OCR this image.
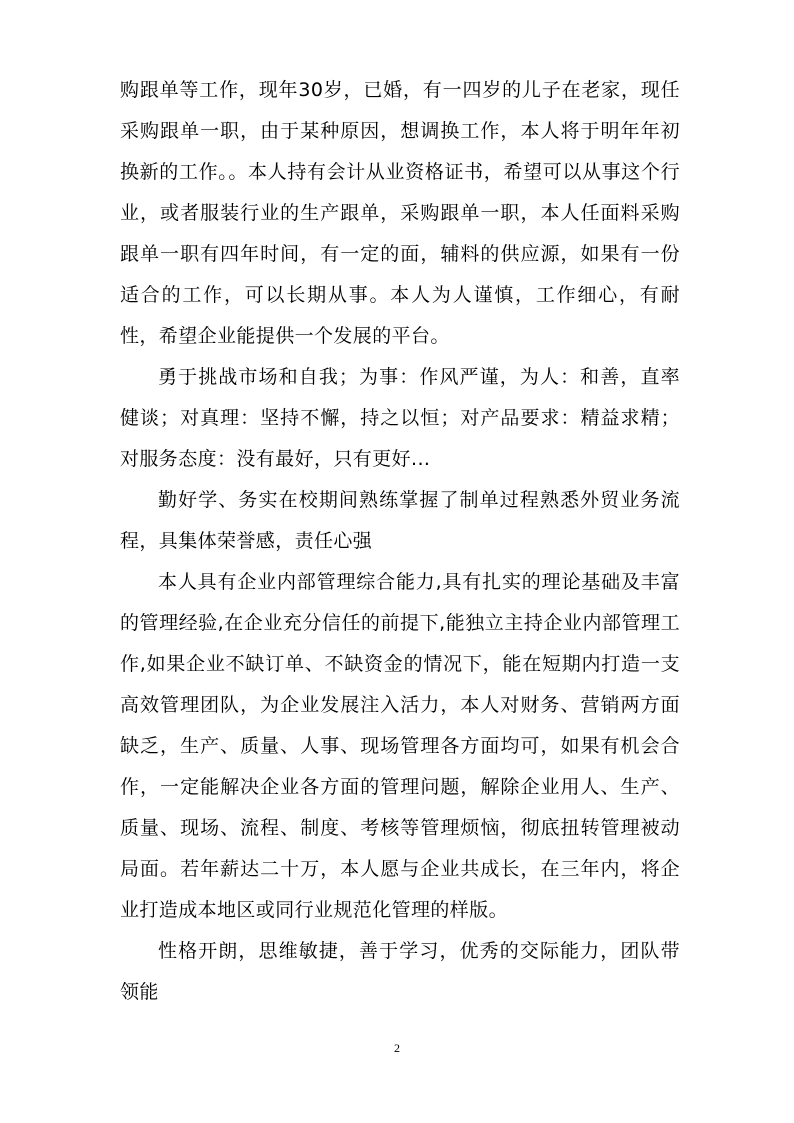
购跟单等工作，现年30岁，已婚，有一四岁的儿子在老家，现任采购跟单一职，由于某种原因，想调换工作，本人将于明年年初换新的工作。。本人持有会计从业资格证书，希望可以从事这个行业，或者服装行业的生产跟单，采购跟单一职，本人任面料采购跟单一职有四年时间，有一定的面，辅料的供应源，如果有一份适合的工作，可以长期从事。本人为人谨慎，工作细心，有耐性，希望企业能提供一个发展的平台。

勇于挑战市场和自我；为事：作风严谨，为人：和善，直率健谈；对真理：坚持不懈，持之以恒；对产品要求：精益求精；对服务态度：没有最好，只有更好...

勤好学、务实在校期间熟练掌握了制单过程熟悉外贸业务流程，具集体荣誉感，责任心强

本人具有企业内部管理综合能力,具有扎实的理论基础及丰富的管理经验,在企业充分信任的前提下,能独立主持企业内部管理工作,如果企业不缺订单、不缺资金的情况下，能在短期内打造一支高效管理团队，为企业发展注入活力，本人对财务、营销两方面缺乏，生产、质量、人事、现场管理各方面均可，如果有机会合作，一定能解决企业各方面的管理问题，解除企业用人、生产、质量、现场、流程、制度、考核等管理烦恼，彻底扭转管理被动局面。若年薪达二十万，本人愿与企业共成长，在三年内，将企业打造成本地区或同行业规范化管理的样版。

性格开朗，思维敏捷，善于学习，优秀的交际能力，团队带领能

2
